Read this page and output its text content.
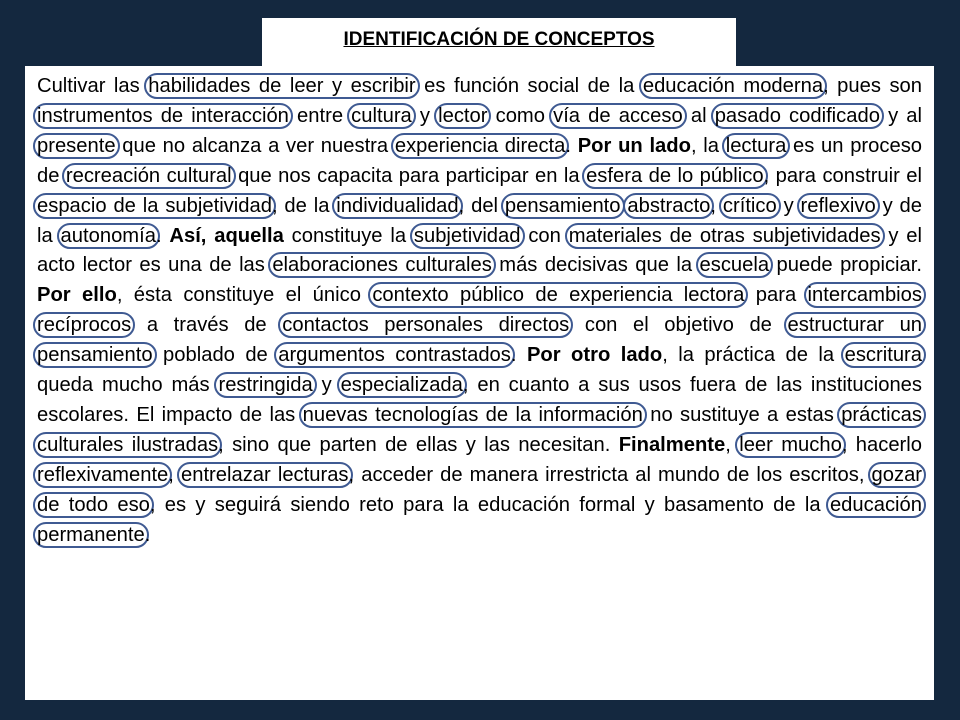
IDENTIFICACIÓN DE CONCEPTOS

Cultivar las habilidades de leer y escribir es función social de la educación moderna, pues son instrumentos de interacción entre cultura y lector como vía de acceso al pasado codificado y al presente que no alcanza a ver nuestra experiencia directa. Por un lado, la lectura es un proceso de recreación cultural que nos capacita para participar en la esfera de lo público, para construir el espacio de la subjetividad, de la individualidad, del pensamiento abstracto, crítico y reflexivo y de la autonomía. Así, aquella constituye la subjetividad con materiales de otras subjetividades y el acto lector es una de las elaboraciones culturales más decisivas que la escuela puede propiciar. Por ello, ésta constituye el único contexto público de experiencia lectora para intercambios recíprocos a través de contactos personales directos con el objetivo de estructurar un pensamiento poblado de argumentos contrastados. Por otro lado, la práctica de la escritura queda mucho más restringida y especializada, en cuanto a sus usos fuera de las instituciones escolares. El impacto de las nuevas tecnologías de la información no sustituye a estas prácticas culturales ilustradas, sino que parten de ellas y las necesitan. Finalmente, leer mucho, hacerlo reflexivamente, entrelazar lecturas, acceder de manera irrestricta al mundo de los escritos, gozar de todo eso, es y seguirá siendo reto para la educación formal y basamento de la educación permanente.
